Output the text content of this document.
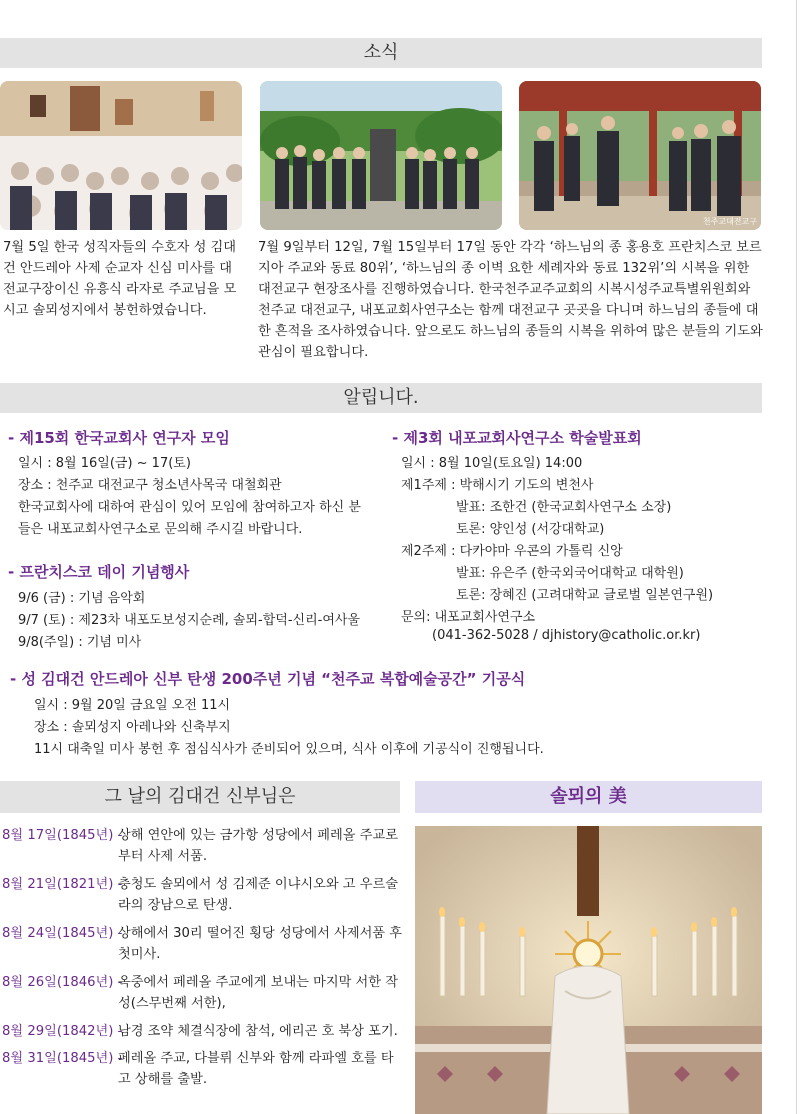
소식
천주교대전교구

7월 5일 한국 성직자들의 수호자 성 김대건 안드레아 사제 순교자 신심 미사를 대전교구장이신 유흥식 라자로 주교님을 모시고 솔뫼성지에서 봉헌하였습니다.

7월 9일부터 12일, 7월 15일부터 17일 동안 각각 ‘하느님의 종 홍용호 프란치스코 보르지아 주교와 동료 80위’, ‘하느님의 종 이벽 요한 세례자와 동료 132위’의 시복을 위한 대전교구 현장조사를 진행하였습니다. 한국천주교주교회의 시복시성주교특별위원회와 천주교 대전교구, 내포교회사연구소는 함께 대전교구 곳곳을 다니며 하느님의 종들에 대한 흔적을 조사하였습니다. 앞으로도 하느님의 종들의 시복을 위하여 많은 분들의 기도와 관심이 필요합니다.

알립니다.
- 제15회 한국교회사 연구자 모임
일시 : 8월 16일(금) ~ 17(토)
장소 : 천주교 대전교구 청소년사목국 대철회관
한국교회사에 대하여 관심이 있어 모임에 참여하고자 하신 분
들은 내포교회사연구소로 문의해 주시길 바랍니다.
- 프란치스코 데이 기념행사
9/6 (금) : 기념 음악회
9/7 (토) : 제23차 내포도보성지순례, 솔뫼-합덕-신리-여사울
9/8(주일) : 기념 미사
- 제3회 내포교회사연구소 학술발표회
일시 : 8월 10일(토요일) 14:00
제1주제 : 박해시기 기도의 변천사
발표: 조한건 (한국교회사연구소 소장)
토론: 양인성 (서강대학교)
제2주제 : 다카야마 우콘의 가톨릭 신앙
발표: 유은주 (한국외국어대학교 대학원)
토론: 장혜진 (고려대학교 글로벌 일본연구원)
문의: 내포교회사연구소
(041-362-5028 / djhistory@catholic.or.kr)
- 성 김대건 안드레아 신부 탄생 200주년 기념 “천주교 복합예술공간” 기공식
일시 : 9월 20일 금요일 오전 11시
장소 : 솔뫼성지 아레나와 신축부지
11시 대축일 미사 봉헌 후 점심식사가 준비되어 있으며, 식사 이후에 기공식이 진행됩니다.
그 날의 김대건 신부님은
8월 17일(1845년) -
상해 연안에 있는 금가항 성당에서 페레올 주교로부터 사제 서품.
8월 21일(1821년) -
충청도 솔뫼에서 성 김제준 이냐시오와 고 우르술라의 장남으로 탄생.
8월 24일(1845년) -
상해에서 30리 떨어진 횡당 성당에서 사제서품 후 첫미사.
8월 26일(1846년) -
옥중에서 페레올 주교에게 보내는 마지막 서한 작성(스무번째 서한),
8월 29일(1842년) -
남경 조약 체결식장에 참석, 에리곤 호 북상 포기.
8월 31일(1845년) -
페레올 주교, 다블뤼 신부와 함께 라파엘 호를 타고 상해를 출발.
솔뫼의 美
